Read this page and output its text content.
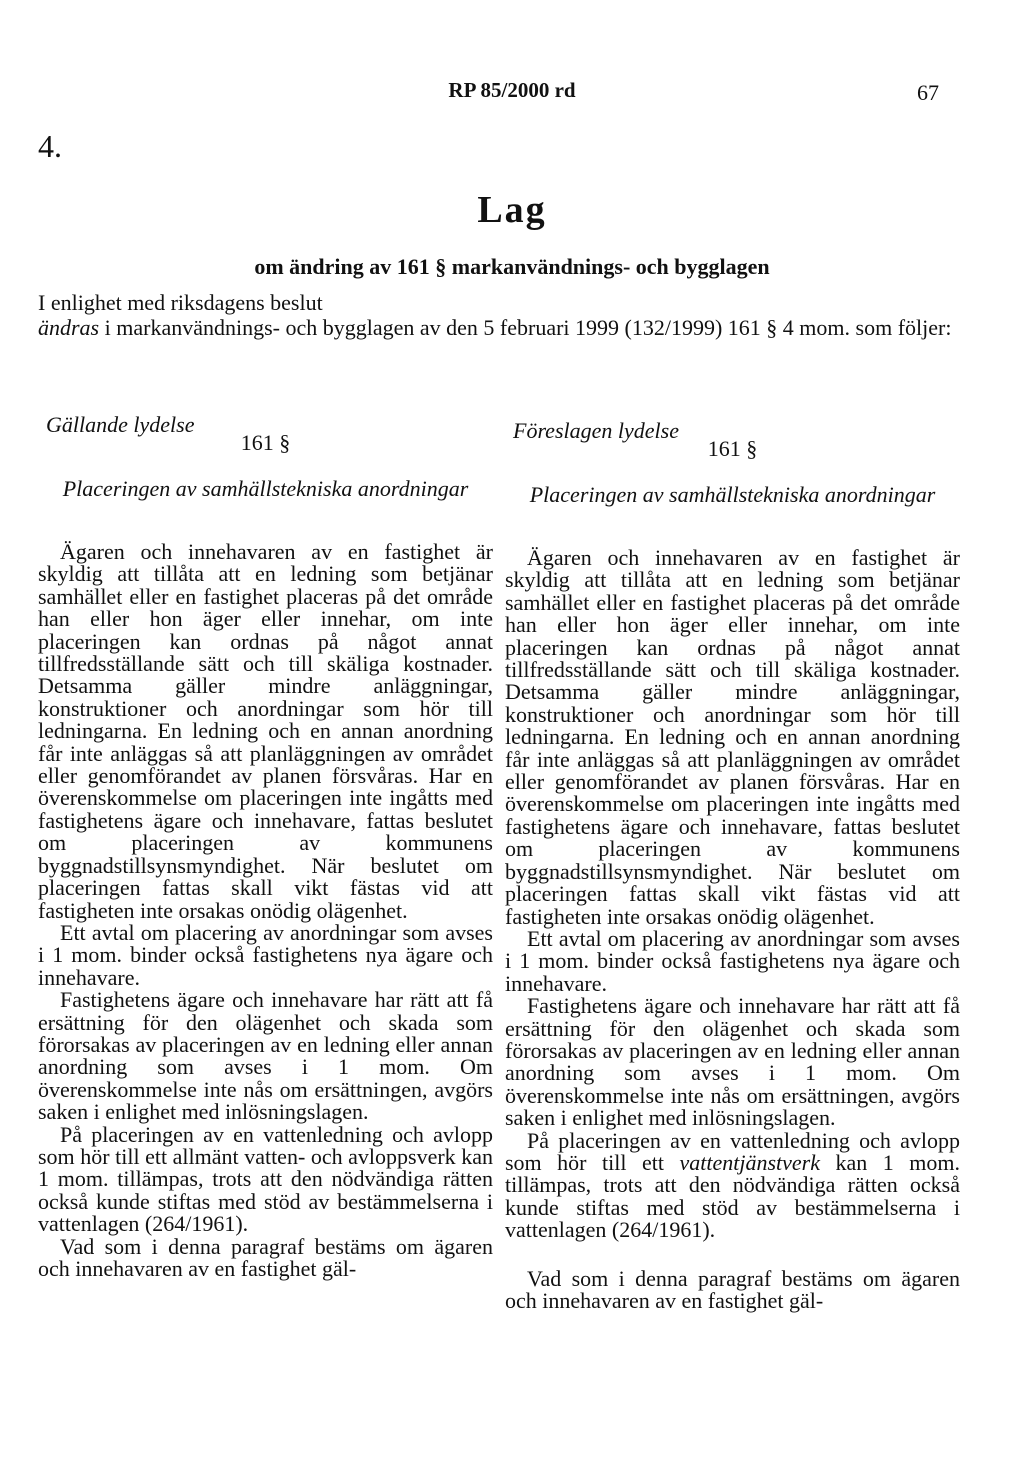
RP 85/2000 rd	67
4.
Lag
om ändring av 161 § markanvändnings- och bygglagen
I enlighet med riksdagens beslut
ändras i markanvändnings- och bygglagen av den 5 februari 1999 (132/1999) 161 § 4 mom. som följer:
Gällande lydelse
161 §
Placeringen av samhällstekniska anordningar

Ägaren och innehavaren av en fastighet är skyldig att tillåta att en ledning som betjänar samhället eller en fastighet placeras på det område han eller hon äger eller innehar, om inte placeringen kan ordnas på något annat tillfredsställande sätt och till skäliga kostnader. Detsamma gäller mindre anläggningar, konstruktioner och anordningar som hör till ledningarna. En ledning och en annan anordning får inte anläggas så att planläggningen av området eller genomförandet av planen försvåras. Har en överenskommelse om placeringen inte ingåtts med fastighetens ägare och innehavare, fattas beslutet om placeringen av kommunens byggnadstillsynsmyndighet. När beslutet om placeringen fattas skall vikt fästas vid att fastigheten inte orsakas onödig olägenhet.

Ett avtal om placering av anordningar som avses i 1 mom. binder också fastighetens nya ägare och innehavare.

Fastighetens ägare och innehavare har rätt att få ersättning för den olägenhet och skada som förorsakas av placeringen av en ledning eller annan anordning som avses i 1 mom. Om överenskommelse inte nås om ersättningen, avgörs saken i enlighet med inlösningslagen.

På placeringen av en vattenledning och avlopp som hör till ett allmänt vatten- och avloppsverk kan 1 mom. tillämpas, trots att den nödvändiga rätten också kunde stiftas med stöd av bestämmelserna i vattenlagen (264/1961).

Vad som i denna paragraf bestäms om ägaren och innehavaren av en fastighet gäl-

Föreslagen lydelse
161 §
Placeringen av samhällstekniska anordningar

Ägaren och innehavaren av en fastighet är skyldig att tillåta att en ledning som betjänar samhället eller en fastighet placeras på det område han eller hon äger eller innehar, om inte placeringen kan ordnas på något annat tillfredsställande sätt och till skäliga kostnader. Detsamma gäller mindre anläggningar, konstruktioner och anordningar som hör till ledningarna. En ledning och en annan anordning får inte anläggas så att planläggningen av området eller genomförandet av planen försvåras. Har en överenskommelse om placeringen inte ingåtts med fastighetens ägare och innehavare, fattas beslutet om placeringen av kommunens byggnadstillsynsmyndighet. När beslutet om placeringen fattas skall vikt fästas vid att fastigheten inte orsakas onödig olägenhet.

Ett avtal om placering av anordningar som avses i 1 mom. binder också fastighetens nya ägare och innehavare.

Fastighetens ägare och innehavare har rätt att få ersättning för den olägenhet och skada som förorsakas av placeringen av en ledning eller annan anordning som avses i 1 mom. Om överenskommelse inte nås om ersättningen, avgörs saken i enlighet med inlösningslagen.

På placeringen av en vattenledning och avlopp som hör till ett vattentjänstverk kan 1 mom. tillämpas, trots att den nödvändiga rätten också kunde stiftas med stöd av bestämmelserna i vattenlagen (264/1961).

Vad som i denna paragraf bestäms om ägaren och innehavaren av en fastighet gäl-
